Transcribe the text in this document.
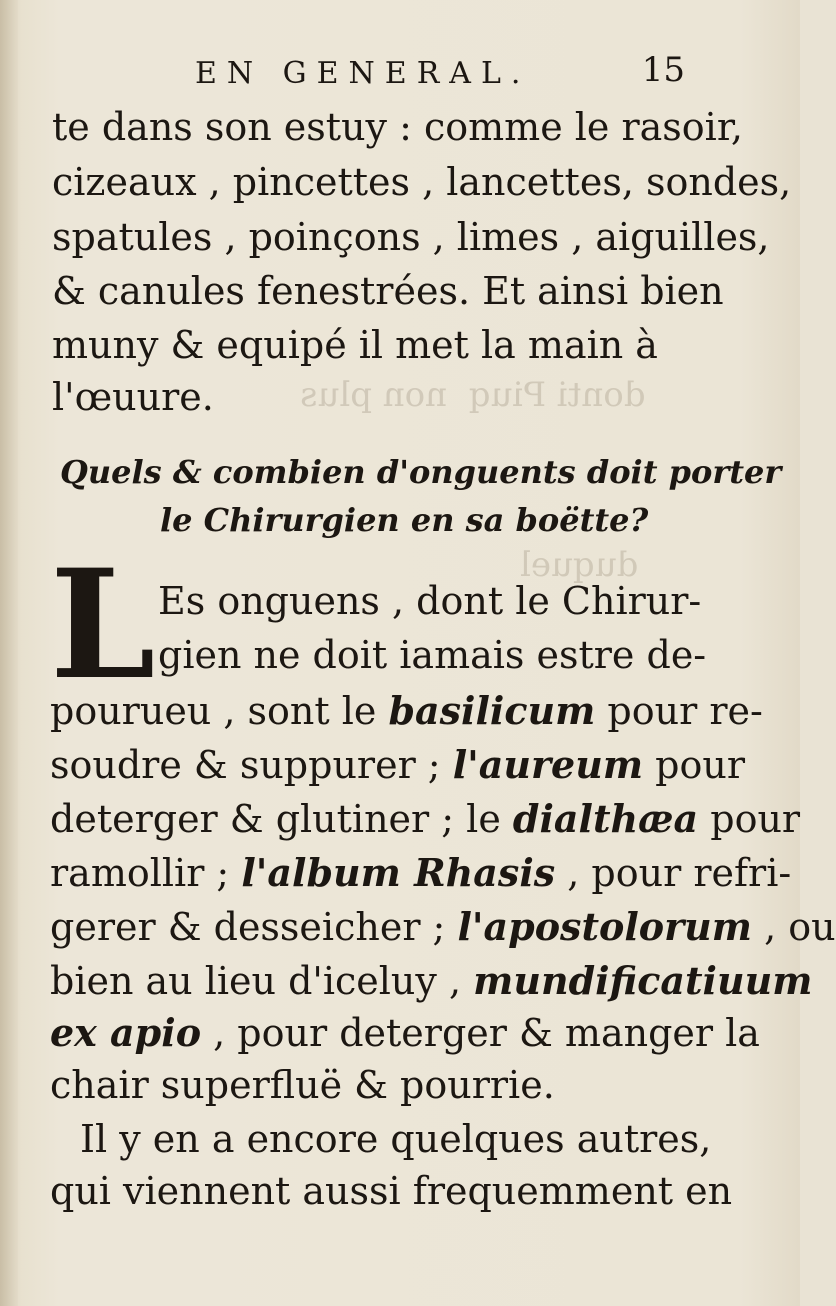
donti Piuq  non plus
duquel
EN GENERAL.	15
te dans son estuy : comme le rasoir,
cizeaux , pincettes , lancettes, sondes,
spatules , poinçons , limes , aiguilles,
& canules fenestrées. Et ainsi bien
muny & equipé il met la main à
l'œuure.
Quels & combien d'onguents doit porter
le Chirurgien en sa boëtte?
L Es onguens , dont le Chirur-
gien ne doit iamais estre de-
pourueu , sont le basilicum pour re-
soudre & suppurer ; l'aureum pour
deterger & glutiner ; le dialthæa pour
ramollir ; l'album Rhasis , pour refri-
gerer & desseicher ; l'apostolorum , ou
bien au lieu d'iceluy , mundificatiuum
ex apio , pour deterger & manger la
chair superfluë & pourrie.
Il y en a encore quelques autres,
qui viennent aussi frequemment en
